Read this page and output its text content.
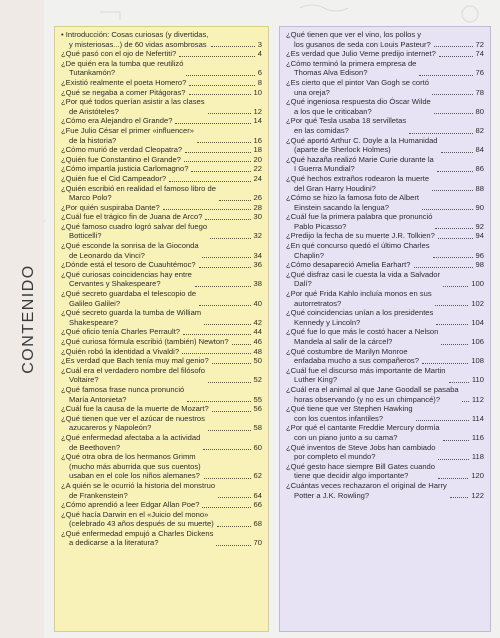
CONTENIDO
• Introducción: Cosas curiosas (y divertidas,
y misteriosas...) de 60 vidas asombrosas	3
¿Qué pasó con el ojo de Nefertiti?	4
¿De quién era la tumba que reutilizó
Tutankamón?	6
¿Existió realmente el poeta Homero?	8
¿Qué se negaba a comer Pitágoras?	10
¿Por qué todos querían asistir a las clases
de Aristóteles?	12
¿Cómo era Alejandro el Grande?	14
¿Fue Julio César el primer «influencer»
de la historia?	16
¿Cómo murió de verdad Cleopatra?	18
¿Quién fue Constantino el Grande?	20
¿Cómo impartía justicia Carlomagno?	22
¿Quién fue el Cid Campeador?	24
¿Quién escribió en realidad el famoso libro de
Marco Polo?	26
¿Por quién suspiraba Dante?	28
¿Cuál fue el trágico fin de Juana de Arco?	30
¿Qué famoso cuadro logró salvar del fuego
Botticelli?	32
¿Qué esconde la sonrisa de la Gioconda
de Leonardo da Vinci?	34
¿Dónde está el tesoro de Cuauhtémoc?	36
¿Qué curiosas coincidencias hay entre
Cervantes y Shakespeare?	38
¿Qué secreto guardaba el telescopio de
Galileo Galilei?	40
¿Qué secreto guarda la tumba de William
Shakespeare?	42
¿Qué oficio tenía Charles Perrault?	44
¿Qué curiosa fórmula escribió (también) Newton?	46
¿Quién robó la identidad a Vivaldi?	48
¿Es verdad que Bach tenía muy mal genio?	50
¿Cuál era el verdadero nombre del filósofo
Voltaire?	52
¿Qué famosa frase nunca pronunció
María Antonieta?	55
¿Cuál fue la causa de la muerte de Mozart?	56
¿Qué tienen que ver el azúcar de nuestros
azucareros y Napoleón?	58
¿Qué enfermedad afectaba a la actividad
de Beethoven?	60
¿Qué otra obra de los hermanos Grimm
(mucho más aburrida que sus cuentos)
usaban en el cole los niños alemanes?	62
¿A quién se le ocurrió la historia del monstruo
de Frankenstein?	64
¿Cómo aprendió a leer Edgar Allan Poe?	66
¿Qué hacía Darwin en el «Juicio del mono»
(celebrado 43 años después de su muerte)	68
¿Qué enfermedad empujó a Charles Dickens
a dedicarse a la literatura?	70
¿Qué tienen que ver el vino, los pollos y
los gusanos de seda con Louis Pasteur?	72
¿Es verdad que Julio Verne predijo internet?	74
¿Cómo terminó la primera empresa de
Thomas Alva Edison?	76
¿Es cierto que el pintor Van Gogh se cortó
una oreja?	78
¿Qué ingeniosa respuesta dio Óscar Wilde
a los que le criticaban?	80
¿Por qué Tesla usaba 18 servilletas
en las comidas?	82
¿Qué aportó Arthur C. Doyle a la Humanidad
(aparte de Sherlock Holmes)	84
¿Qué hazaña realizó Marie Curie durante la
I Guerra Mundial?	86
¿Qué hechos extraños rodearon la muerte
del Gran Harry Houdini?	88
¿Cómo se hizo la famosa foto de Albert
Einstein sacando la lengua?	90
¿Cuál fue la primera palabra que pronunció
Pablo Picasso?	92
¿Predijo la fecha de su muerte J.R. Tolkien?	94
¿En qué concurso quedó el último Charles
Chaplin?	96
¿Cómo desapareció Amelia Earhart?	98
¿Qué disfraz casi le cuesta la vida a Salvador
Dalí?	100
¿Por qué Frida Kahlo incluía monos en sus
autorretratos?	102
¿Qué coincidencias unían a los presidentes
Kennedy y Lincoln?	104
¿Qué fue lo que más le costó hacer a Nelson
Mandela al salir de la cárcel?	106
¿Qué costumbre de Marilyn Monroe
enfadaba mucho a sus compañeros?	108
¿Cuál fue el discurso más importante de Martin
Luther King?	110
¿Cuál era el animal al que Jane Goodall se pasaba
horas observando (y no es un chimpancé)?	112
¿Qué tiene que ver Stephen Hawking
con los cuentos infantiles?	114
¿Por qué el cantante Freddie Mercury dormía
con un piano junto a su cama?	116
¿Qué inventos de Steve Jobs han cambiado
por completo el mundo?	118
¿Qué gesto hace siempre Bill Gates cuando
tiene que decidir algo importante?	120
¿Cuántas veces rechazaron el original de Harry
Potter a J.K. Rowling?	122
